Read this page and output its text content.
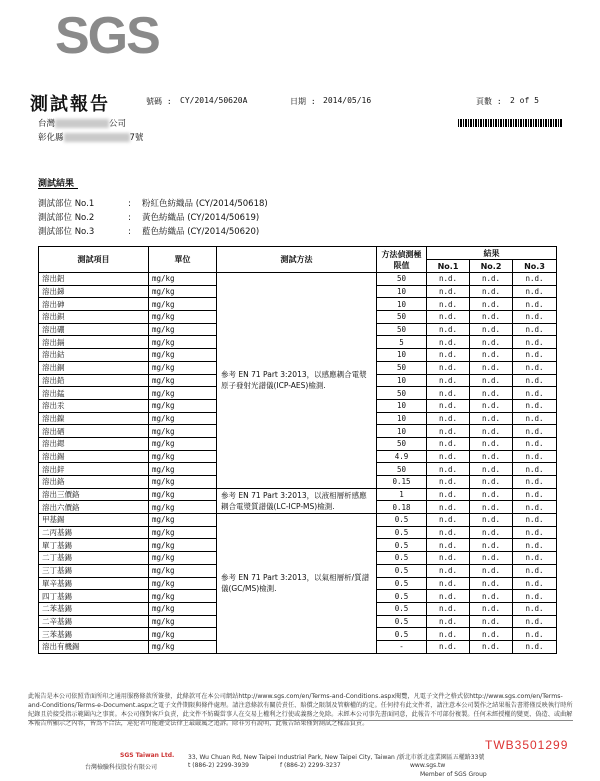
SGS
測試報告	號碼 : CY/2014/50620A	日期 : 2014/05/16	頁數 : 2 of 5
台灣	公司
彰化縣	7號
測試結果
測試部位 No.1	: 粉紅色紡織品 (CY/2014/50618)
測試部位 No.2	: 黃色紡織品 (CY/2014/50619)
測試部位 No.3	: 藍色紡織品 (CY/2014/50620)
測試項目	單位	測試方法	方法偵測極限值	結果		
				No.1	No.2	No.3
溶出鋁	mg/kg	參考 EN 71 Part 3:2013，以感應耦合電漿原子發射光譜儀(ICP-AES)檢測.	50	n.d.	n.d.	n.d.
溶出銻	mg/kg		10	n.d.	n.d.	n.d.
溶出砷	mg/kg		10	n.d.	n.d.	n.d.
溶出鋇	mg/kg		50	n.d.	n.d.	n.d.
溶出硼	mg/kg		50	n.d.	n.d.	n.d.
溶出鎘	mg/kg		5	n.d.	n.d.	n.d.
溶出鈷	mg/kg		10	n.d.	n.d.	n.d.
溶出銅	mg/kg		50	n.d.	n.d.	n.d.
溶出鉛	mg/kg		10	n.d.	n.d.	n.d.
溶出錳	mg/kg		50	n.d.	n.d.	n.d.
溶出汞	mg/kg		10	n.d.	n.d.	n.d.
溶出鎳	mg/kg		10	n.d.	n.d.	n.d.
溶出硒	mg/kg		10	n.d.	n.d.	n.d.
溶出鍶	mg/kg		50	n.d.	n.d.	n.d.
溶出錫	mg/kg		4.9	n.d.	n.d.	n.d.
溶出鋅	mg/kg		50	n.d.	n.d.	n.d.
溶出鉻	mg/kg		0.15	n.d.	n.d.	n.d.
溶出三價鉻	mg/kg	參考 EN 71 Part 3:2013，以液相層析感應耦合電漿質譜儀(LC-ICP-MS)檢測.	1	n.d.	n.d.	n.d.
溶出六價鉻	mg/kg		0.18	n.d.	n.d.	n.d.
甲基錫	mg/kg	參考 EN 71 Part 3:2013，以氣相層析/質譜儀(GC/MS)檢測.	0.5	n.d.	n.d.	n.d.
二丙基錫	mg/kg		0.5	n.d.	n.d.	n.d.
單丁基錫	mg/kg		0.5	n.d.	n.d.	n.d.
二丁基錫	mg/kg		0.5	n.d.	n.d.	n.d.
三丁基錫	mg/kg		0.5	n.d.	n.d.	n.d.
單辛基錫	mg/kg		0.5	n.d.	n.d.	n.d.
四丁基錫	mg/kg		0.5	n.d.	n.d.	n.d.
二苯基錫	mg/kg		0.5	n.d.	n.d.	n.d.
二辛基錫	mg/kg		0.5	n.d.	n.d.	n.d.
三苯基錫	mg/kg		0.5	n.d.	n.d.	n.d.
溶出有機錫	mg/kg		-	n.d.	n.d.	n.d.
此報告是本公司依照背面所印之通用服務條款所簽發，此條款可在本公司網站http://www.sgs.com/en/Terms-and-Conditions.aspx閱覽，凡電子文件之格式依http://www.sgs.com/en/Terms-and-Conditions/Terms-e-Document.aspx之電子文件期限與條件處理。請注意條款有關於責任、賠償之限制及管轄權的約定。任何持有此文件者，請注意本公司製作之結果報告書將僅反映執行時所紀錄且於接受指示範圍內之事實。本公司僅對客戶負責，此文件不妨礙當事人在交易上權利之行使或義務之免除。未經本公司事先書面同意，此報告不可部份複製。任何未經授權的變更、偽造、或曲解本報告所顯示之內容，皆為不合法，違犯者可能遭受法律上最嚴厲之追訴。除非另有說明，此報告結果僅對測試之樣品負責。
TWB3501299
SGS Taiwan Ltd.
台灣檢驗科技股份有限公司
33, Wu Chuan Rd, New Taipei Industrial Park, New Taipei City, Taiwan /新北市新北產業園區五權路33號
t (886-2) 2299-3939	f (886-2) 2299-3237	www.sgs.tw
Member of SGS Group
